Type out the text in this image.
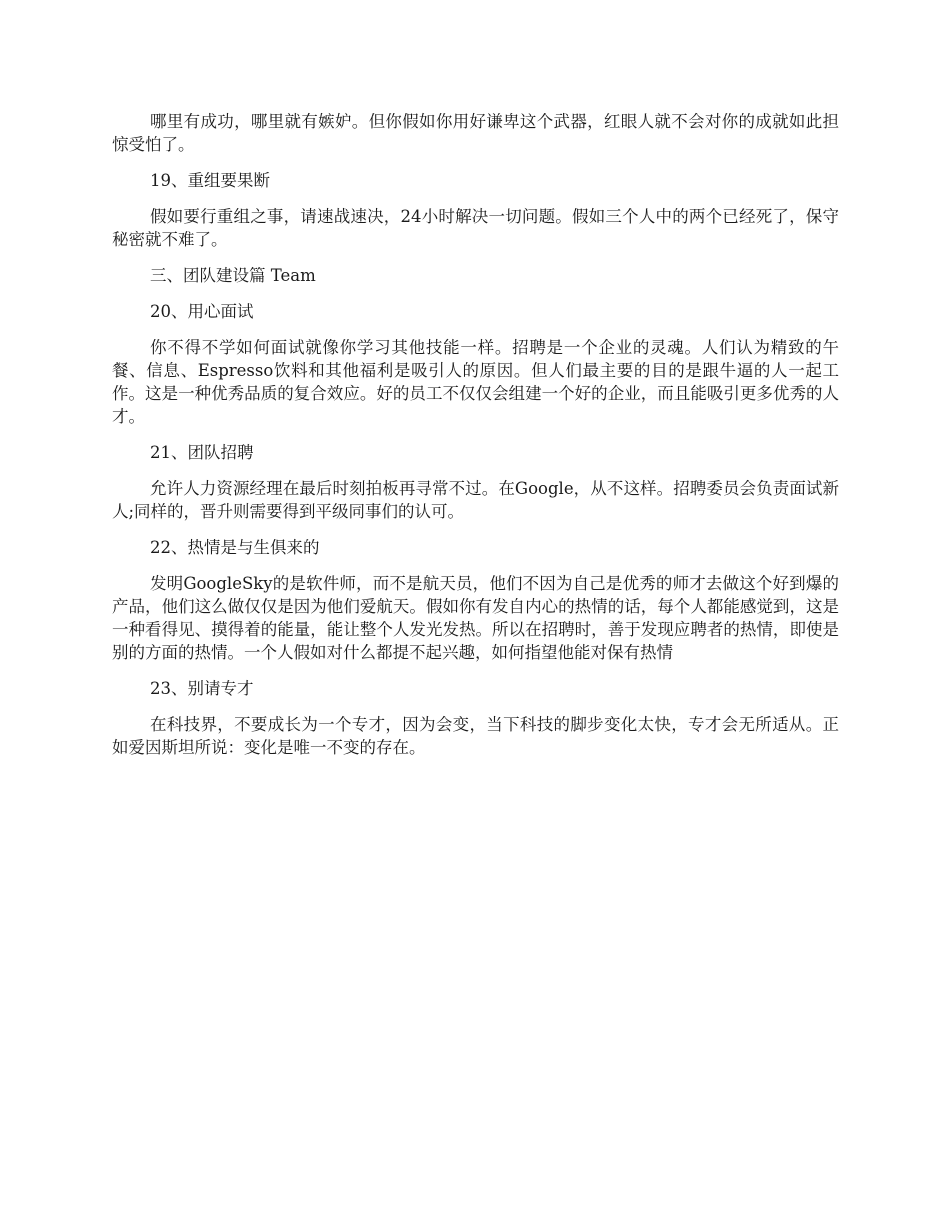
哪里有成功，哪里就有嫉妒。但你假如你用好谦卑这个武器，红眼人就不会对你的成就如此担惊受怕了。

19、重组要果断

假如要行重组之事，请速战速决，24小时解决一切问题。假如三个人中的两个已经死了，保守秘密就不难了。

三、团队建设篇 Team

20、用心面试

你不得不学如何面试就像你学习其他技能一样。招聘是一个企业的灵魂。人们认为精致的午餐、信息、Espresso饮料和其他福利是吸引人的原因。但人们最主要的目的是跟牛逼的人一起工作。这是一种优秀品质的复合效应。好的员工不仅仅会组建一个好的企业，而且能吸引更多优秀的人才。

21、团队招聘

允许人力资源经理在最后时刻拍板再寻常不过。在Google，从不这样。招聘委员会负责面试新人;同样的，晋升则需要得到平级同事们的认可。

22、热情是与生俱来的

发明GoogleSky的是软件师，而不是航天员，他们不因为自己是优秀的师才去做这个好到爆的产品，他们这么做仅仅是因为他们爱航天。假如你有发自内心的热情的话，每个人都能感觉到，这是一种看得见、摸得着的能量，能让整个人发光发热。所以在招聘时，善于发现应聘者的热情，即使是别的方面的热情。一个人假如对什么都提不起兴趣，如何指望他能对保有热情

23、别请专才

在科技界，不要成长为一个专才，因为会变，当下科技的脚步变化太快，专才会无所适从。正如爱因斯坦所说：变化是唯一不变的存在。
